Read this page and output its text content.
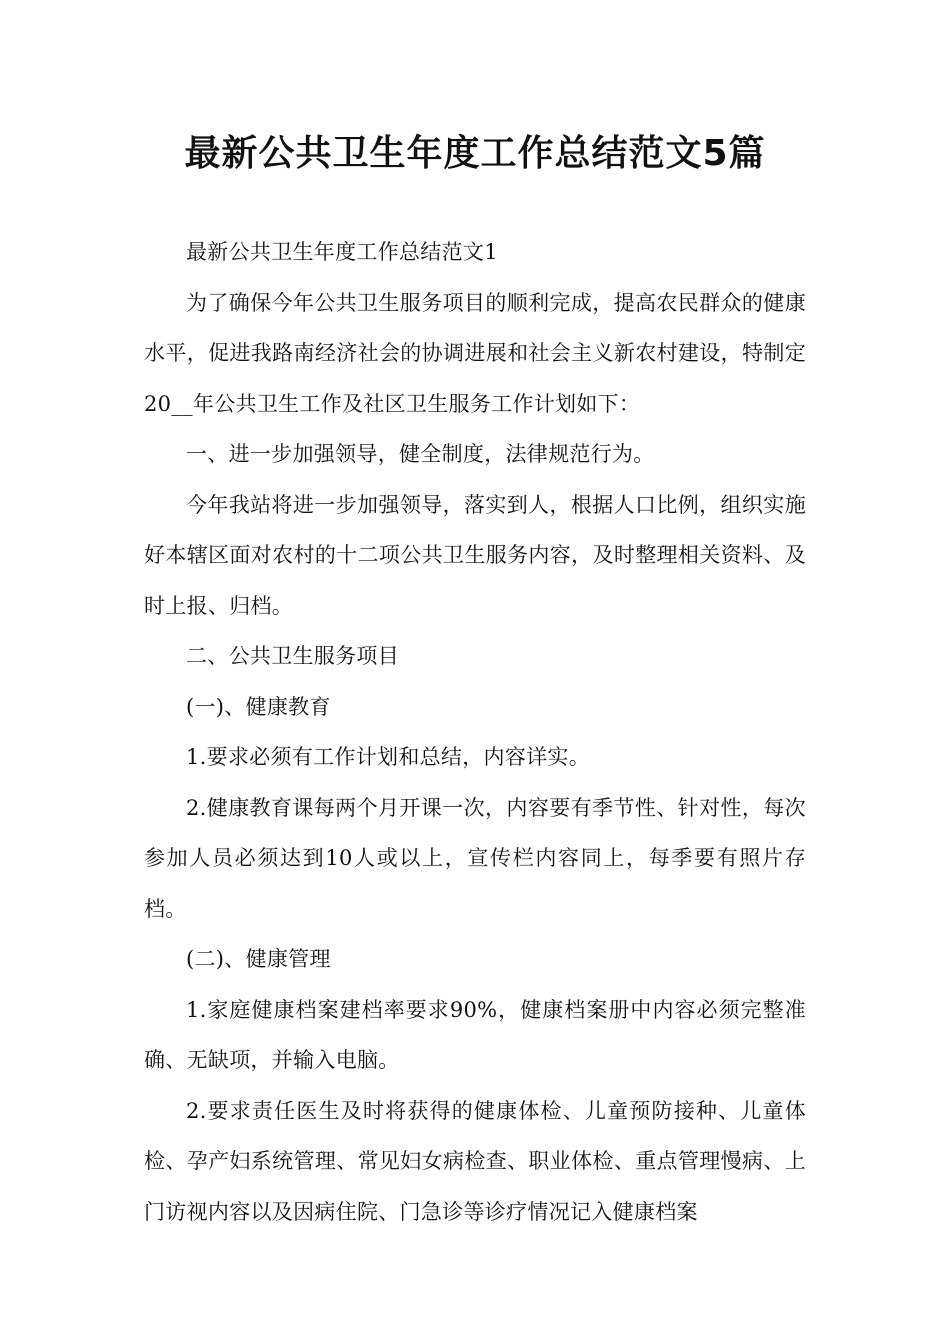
最新公共卫生年度工作总结范文5篇

最新公共卫生年度工作总结范文1

为了确保今年公共卫生服务项目的顺利完成，提高农民群众的健康水平，促进我路南经济社会的协调进展和社会主义新农村建设，特制定20__年公共卫生工作及社区卫生服务工作计划如下：

一、进一步加强领导，健全制度，法律规范行为。

今年我站将进一步加强领导，落实到人，根据人口比例，组织实施好本辖区面对农村的十二项公共卫生服务内容，及时整理相关资料、及时上报、归档。

二、公共卫生服务项目

(一)、健康教育

1.要求必须有工作计划和总结，内容详实。

2.健康教育课每两个月开课一次，内容要有季节性、针对性，每次参加人员必须达到10人或以上，宣传栏内容同上，每季要有照片存档。

(二)、健康管理

1.家庭健康档案建档率要求90%，健康档案册中内容必须完整准确、无缺项，并输入电脑。

2.要求责任医生及时将获得的健康体检、儿童预防接种、儿童体检、孕产妇系统管理、常见妇女病检查、职业体检、重点管理慢病、上门访视内容以及因病住院、门急诊等诊疗情况记入健康档案
